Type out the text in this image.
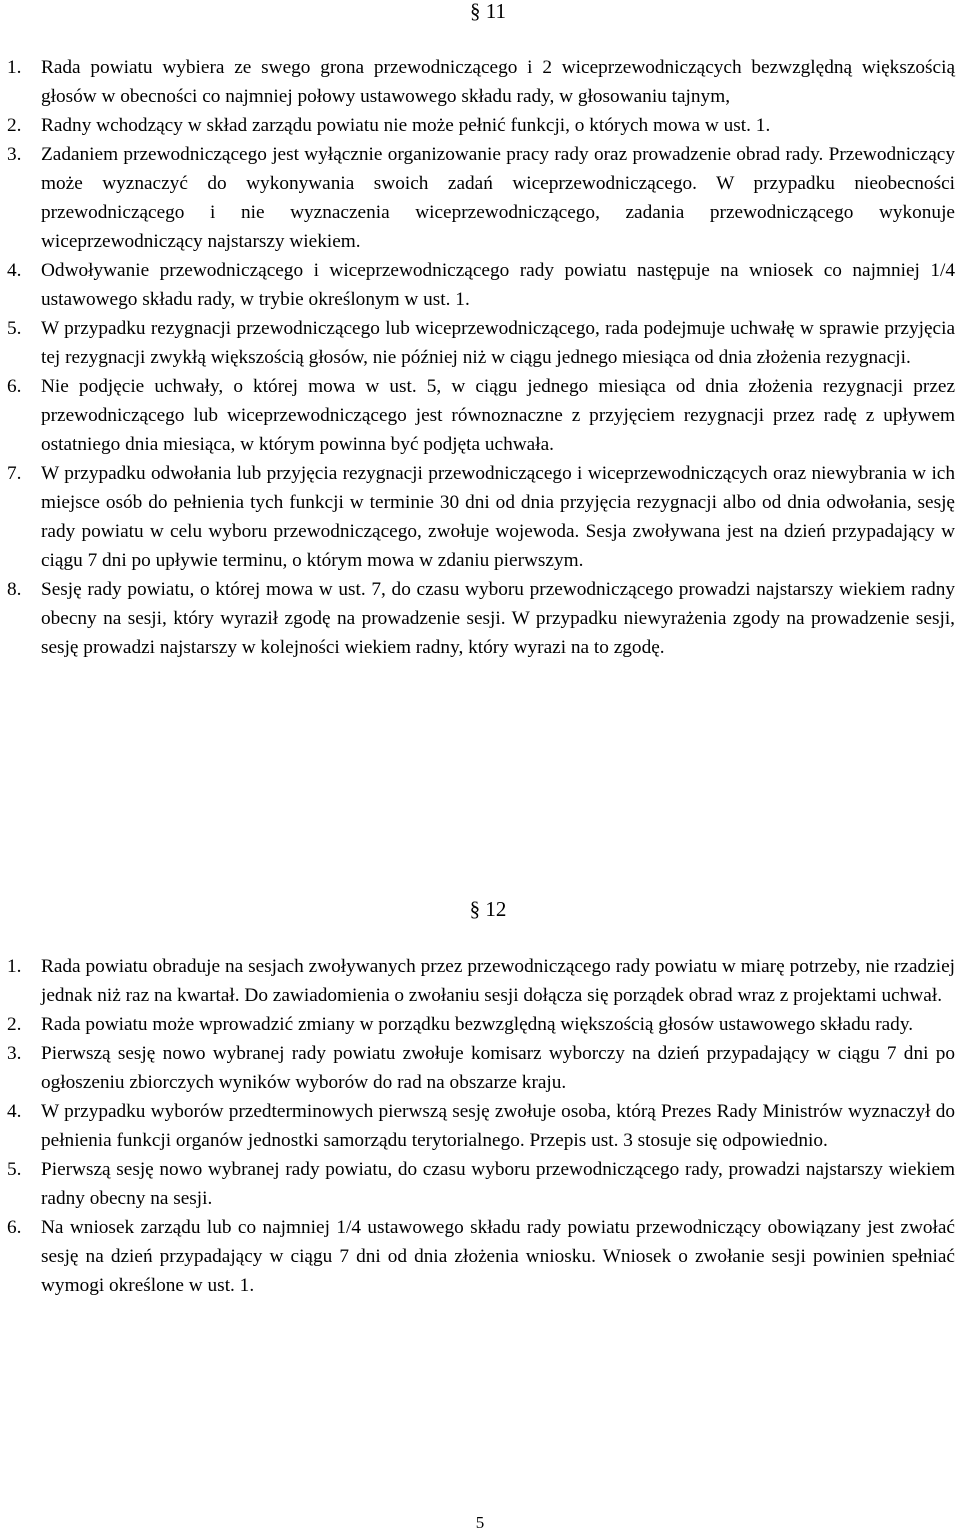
§ 11
1. Rada powiatu wybiera ze swego grona przewodniczącego i 2 wiceprzewodniczących bezwzględną większością głosów w obecności co najmniej połowy ustawowego składu rady, w głosowaniu tajnym,
2. Radny wchodzący w skład zarządu powiatu nie może pełnić funkcji, o których mowa w ust. 1.
3. Zadaniem przewodniczącego jest wyłącznie organizowanie pracy rady oraz prowadzenie obrad rady. Przewodniczący może wyznaczyć do wykonywania swoich zadań wiceprzewodniczącego. W przypadku nieobecności przewodniczącego i nie wyznaczenia wiceprzewodniczącego, zadania przewodniczącego wykonuje wiceprzewodniczący najstarszy wiekiem.
4. Odwoływanie przewodniczącego i wiceprzewodniczącego rady powiatu następuje na wniosek co najmniej 1/4 ustawowego składu rady, w trybie określonym w ust. 1.
5. W przypadku rezygnacji przewodniczącego lub wiceprzewodniczącego, rada podejmuje uchwałę w sprawie przyjęcia tej rezygnacji zwykłą większością głosów, nie później niż w ciągu jednego miesiąca od dnia złożenia rezygnacji.
6. Nie podjęcie uchwały, o której mowa w ust. 5, w ciągu jednego miesiąca od dnia złożenia rezygnacji przez przewodniczącego lub wiceprzewodniczącego jest równoznaczne z przyjęciem rezygnacji przez radę z upływem ostatniego dnia miesiąca, w którym powinna być podjęta uchwała.
7. W przypadku odwołania lub przyjęcia rezygnacji przewodniczącego i wiceprzewodniczących oraz niewybrania w ich miejsce osób do pełnienia tych funkcji w terminie 30 dni od dnia przyjęcia rezygnacji albo od dnia odwołania, sesję rady powiatu w celu wyboru przewodniczącego, zwołuje wojewoda. Sesja zwoływana jest na dzień przypadający w ciągu 7 dni po upływie terminu, o którym mowa w zdaniu pierwszym.
8. Sesję rady powiatu, o której mowa w ust. 7, do czasu wyboru przewodniczącego prowadzi najstarszy wiekiem radny obecny na sesji, który wyraził zgodę na prowadzenie sesji. W przypadku niewyrażenia zgody na prowadzenie sesji, sesję prowadzi najstarszy w kolejności wiekiem radny, który wyrazi na to zgodę.
§ 12
1. Rada powiatu obraduje na sesjach zwoływanych przez przewodniczącego rady powiatu w miarę potrzeby, nie rzadziej jednak niż raz na kwartał. Do zawiadomienia o zwołaniu sesji dołącza się porządek obrad wraz z projektami uchwał.
2. Rada powiatu może wprowadzić zmiany w porządku bezwzględną większością głosów ustawowego składu rady.
3. Pierwszą sesję nowo wybranej rady powiatu zwołuje komisarz wyborczy na dzień przypadający w ciągu 7 dni po ogłoszeniu zbiorczych wyników wyborów do rad na obszarze kraju.
4. W przypadku wyborów przedterminowych pierwszą sesję zwołuje osoba, którą Prezes Rady Ministrów wyznaczył do pełnienia funkcji organów jednostki samorządu terytorialnego. Przepis ust. 3 stosuje się odpowiednio.
5. Pierwszą sesję nowo wybranej rady powiatu, do czasu wyboru przewodniczącego rady, prowadzi najstarszy wiekiem radny obecny na sesji.
6. Na wniosek zarządu lub co najmniej 1/4 ustawowego składu rady powiatu przewodniczący obowiązany jest zwołać sesję na dzień przypadający w ciągu 7 dni od dnia złożenia wniosku. Wniosek o zwołanie sesji powinien spełniać wymogi określone w ust. 1.
5
